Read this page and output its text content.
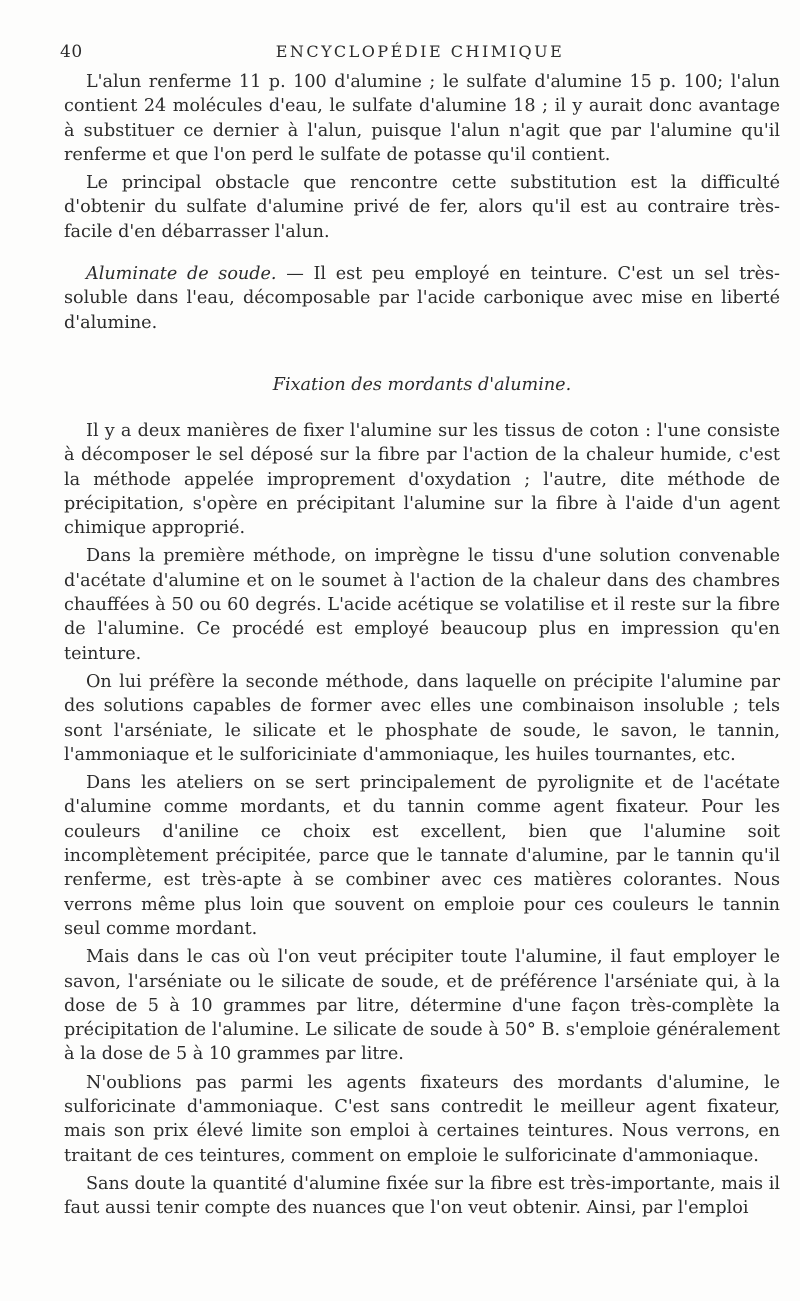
40	ENCYCLOPÉDIE CHIMIQUE

L'alun renferme 11 p. 100 d'alumine ; le sulfate d'alumine 15 p. 100; l'alun contient 24 molécules d'eau, le sulfate d'alumine 18 ; il y aurait donc avantage à substituer ce dernier à l'alun, puisque l'alun n'agit que par l'alumine qu'il renferme et que l'on perd le sulfate de potasse qu'il contient.

Le principal obstacle que rencontre cette substitution est la difficulté d'obtenir du sulfate d'alumine privé de fer, alors qu'il est au contraire très-facile d'en débarrasser l'alun.

Aluminate de soude. — Il est peu employé en teinture. C'est un sel très-soluble dans l'eau, décomposable par l'acide carbonique avec mise en liberté d'alumine.

Fixation des mordants d'alumine.

Il y a deux manières de fixer l'alumine sur les tissus de coton : l'une consiste à décomposer le sel déposé sur la fibre par l'action de la chaleur humide, c'est la méthode appelée improprement d'oxydation ; l'autre, dite méthode de précipitation, s'opère en précipitant l'alumine sur la fibre à l'aide d'un agent chimique approprié.

Dans la première méthode, on imprègne le tissu d'une solution convenable d'acétate d'alumine et on le soumet à l'action de la chaleur dans des chambres chauffées à 50 ou 60 degrés. L'acide acétique se volatilise et il reste sur la fibre de l'alumine. Ce procédé est employé beaucoup plus en impression qu'en teinture.

On lui préfère la seconde méthode, dans laquelle on précipite l'alumine par des solutions capables de former avec elles une combinaison insoluble ; tels sont l'arséniate, le silicate et le phosphate de soude, le savon, le tannin, l'ammoniaque et le sulforiciniate d'ammoniaque, les huiles tournantes, etc.

Dans les ateliers on se sert principalement de pyrolignite et de l'acétate d'alumine comme mordants, et du tannin comme agent fixateur. Pour les couleurs d'aniline ce choix est excellent, bien que l'alumine soit incomplètement précipitée, parce que le tannate d'alumine, par le tannin qu'il renferme, est très-apte à se combiner avec ces matières colorantes. Nous verrons même plus loin que souvent on emploie pour ces couleurs le tannin seul comme mordant.

Mais dans le cas où l'on veut précipiter toute l'alumine, il faut employer le savon, l'arséniate ou le silicate de soude, et de préférence l'arséniate qui, à la dose de 5 à 10 grammes par litre, détermine d'une façon très-complète la précipitation de l'alumine. Le silicate de soude à 50° B. s'emploie généralement à la dose de 5 à 10 grammes par litre.

N'oublions pas parmi les agents fixateurs des mordants d'alumine, le sulforicinate d'ammoniaque. C'est sans contredit le meilleur agent fixateur, mais son prix élevé limite son emploi à certaines teintures. Nous verrons, en traitant de ces teintures, comment on emploie le sulforicinate d'ammoniaque.

Sans doute la quantité d'alumine fixée sur la fibre est très-importante, mais il faut aussi tenir compte des nuances que l'on veut obtenir. Ainsi, par l'emploi
